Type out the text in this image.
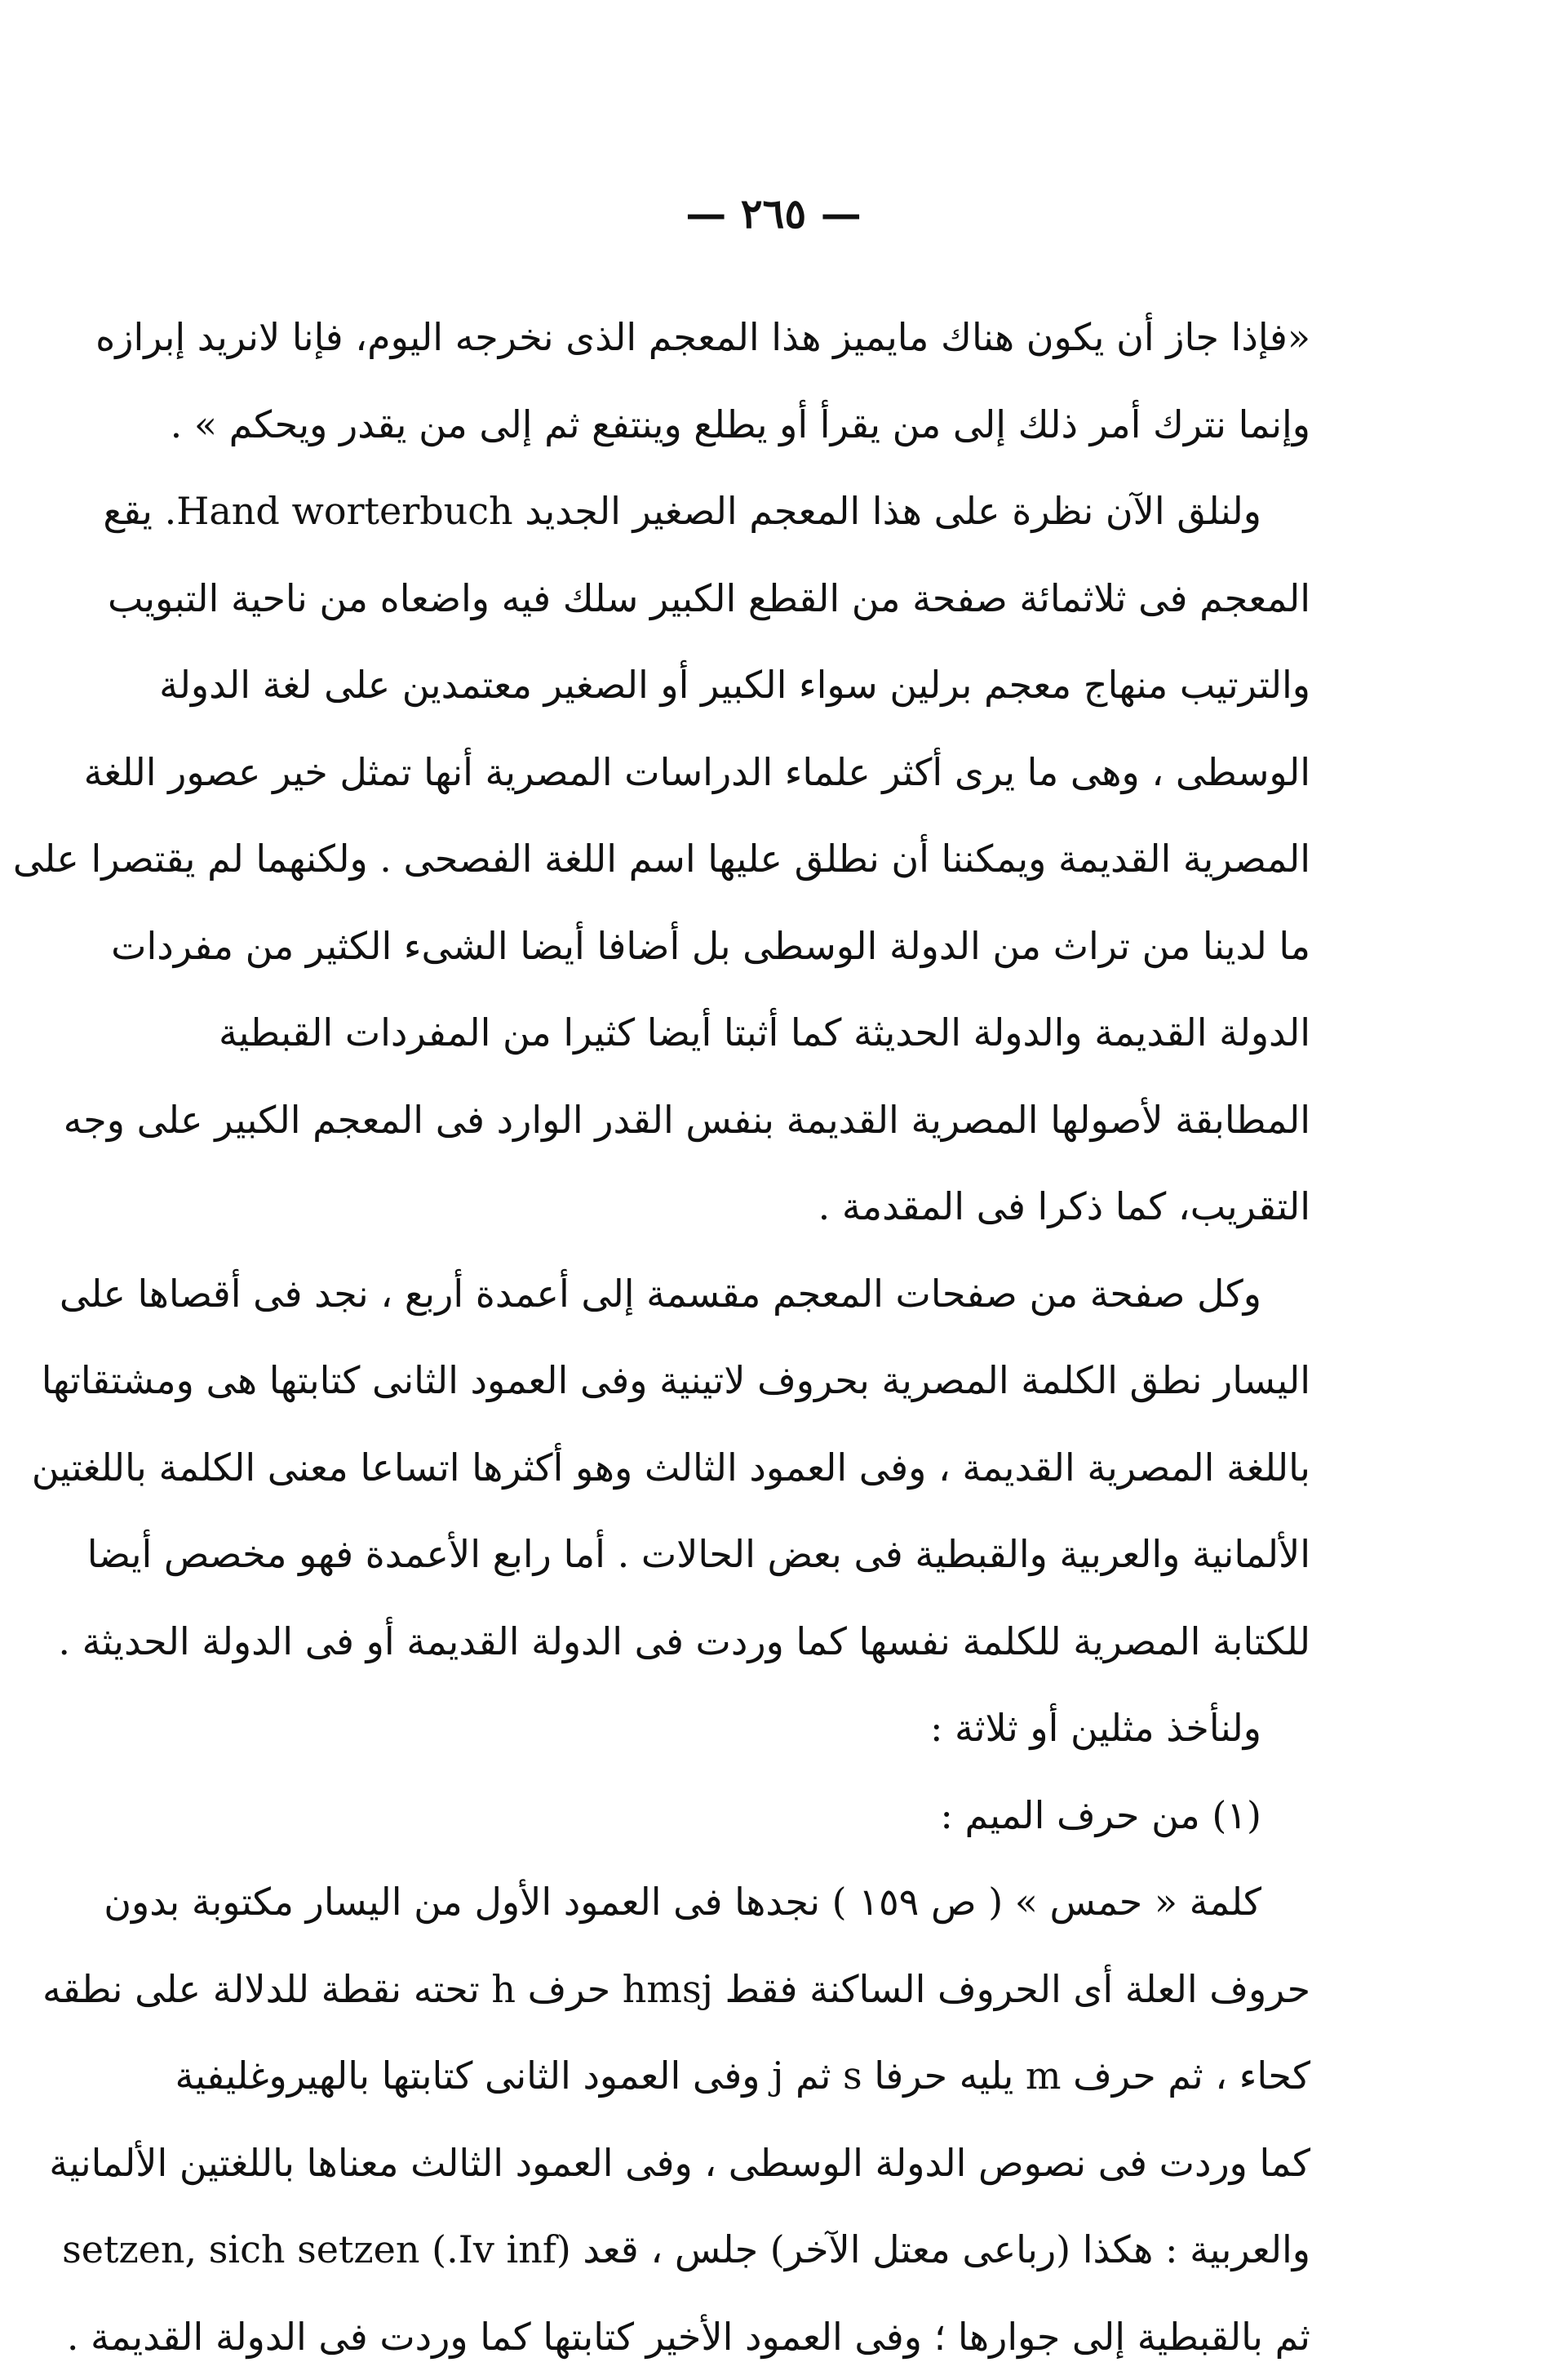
— ٢٦٥ —
«فإذا جاز أن يكون هناك مايميز هذا المعجم الذى نخرجه اليوم، فإنا لانريد إبرازه
وإنما نترك أمر ذلك إلى من يقرأ أو يطلع وينتفع ثم إلى من يقدر ويحكم » .
ولنلق الآن نظرة على هذا المعجم الصغير الجديد Hand worterbuch. يقع
المعجم فى ثلاثمائة صفحة من القطع الكبير سلك فيه واضعاه من ناحية التبويب
والترتيب منهاج معجم برلين سواء الكبير أو الصغير معتمدين على لغة الدولة
الوسطى ، وهى ما يرى أكثر علماء الدراسات المصرية أنها تمثل خير عصور اللغة
المصرية القديمة ويمكننا أن نطلق عليها اسم اللغة الفصحى . ولكنهما لم يقتصرا على
ما لدينا من تراث من الدولة الوسطى بل أضافا أيضا الشىء الكثير من مفردات
الدولة القديمة والدولة الحديثة كما أثبتا أيضا كثيرا من المفردات القبطية
المطابقة لأصولها المصرية القديمة بنفس القدر الوارد فى المعجم الكبير على وجه
التقريب، كما ذكرا فى المقدمة .
وكل صفحة من صفحات المعجم مقسمة إلى أعمدة أربع ، نجد فى أقصاها على
اليسار نطق الكلمة المصرية بحروف لاتينية وفى العمود الثانى كتابتها هى ومشتقاتها
باللغة المصرية القديمة ، وفى العمود الثالث وهو أكثرها اتساعا معنى الكلمة باللغتين
الألمانية والعربية والقبطية فى بعض الحالات . أما رابع الأعمدة فهو مخصص أيضا
للكتابة المصرية للكلمة نفسها كما وردت فى الدولة القديمة أو فى الدولة الحديثة .
ولنأخذ مثلين أو ثلاثة :
(١) من حرف الميم :
كلمة « حمس » ( ص ١٥٩ ) نجدها فى العمود الأول من اليسار مكتوبة بدون
حروف العلة أى الحروف الساكنة فقط hmsj حرف h تحته نقطة للدلالة على نطقه
كحاء ، ثم حرف m يليه حرفا s ثم j وفى العمود الثانى كتابتها بالهيروغليفية
كما وردت فى نصوص الدولة الوسطى ، وفى العمود الثالث معناها باللغتين الألمانية
والعربية : هكذا (رباعى معتل الآخر) جلس ، قعد (Iv inf.) setzen, sich setzen
ثم بالقبطية إلى جوارها ؛ وفى العمود الأخير كتابتها كما وردت فى الدولة القديمة .
